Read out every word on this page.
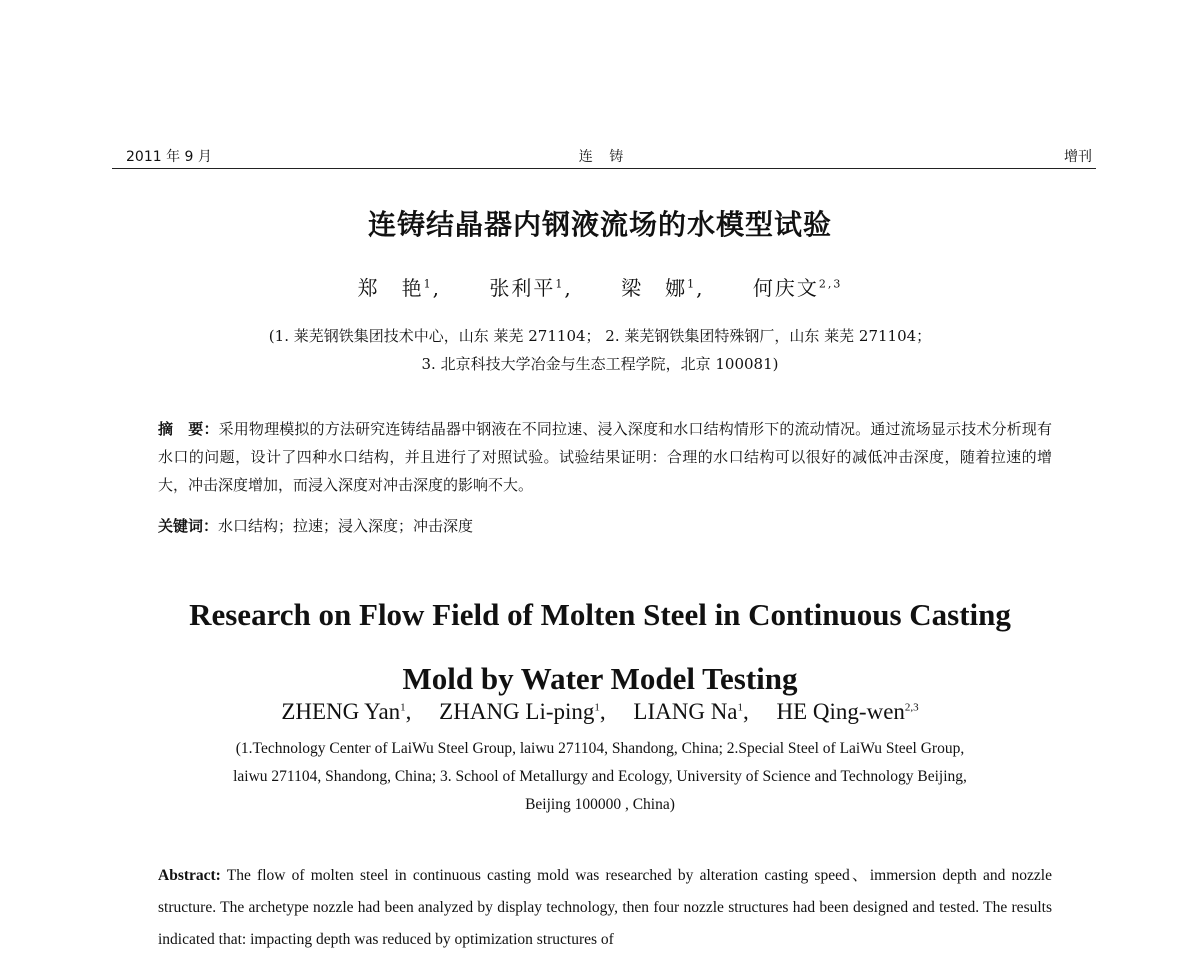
2011 年 9 月	连 铸	增刊
连铸结晶器内钢液流场的水模型试验
郑　艳$^1$, 张利平$^1$, 梁　娜$^1$, 何庆文$^{2,3}$
(1. 莱芜钢铁集团技术中心，山东 莱芜 271104； 2. 莱芜钢铁集团特殊钢厂，山东 莱芜 271104；
3. 北京科技大学冶金与生态工程学院，北京 100081)
摘　要：采用物理模拟的方法研究连铸结晶器中钢液在不同拉速、浸入深度和水口结构情形下的流动情况。通过流场显示技术分析现有水口的问题，设计了四种水口结构，并且进行了对照试验。试验结果证明：合理的水口结构可以很好的减低冲击深度，随着拉速的增大，冲击深度增加，而浸入深度对冲击深度的影响不大。
关键词：水口结构；拉速；浸入深度；冲击深度
Research on Flow Field of Molten Steel in Continuous Casting
Mold by Water Model Testing
ZHENG Yan$^1$, ZHANG Li-ping$^1$, LIANG Na$^1$, HE Qing-wen$^{2,3}$
(1.Technology Center of LaiWu Steel Group, laiwu 271104, Shandong, China; 2.Special Steel of LaiWu Steel Group,
laiwu 271104, Shandong, China; 3. School of Metallurgy and Ecology, University of Science and Technology Beijing,
Beijing 100000 , China)
Abstract: The flow of molten steel in continuous casting mold was researched by alteration casting speed、immersion depth and nozzle structure. The archetype nozzle had been analyzed by display technology, then four nozzle structures had been designed and tested. The results indicated that: impacting depth was reduced by optimization structures of
